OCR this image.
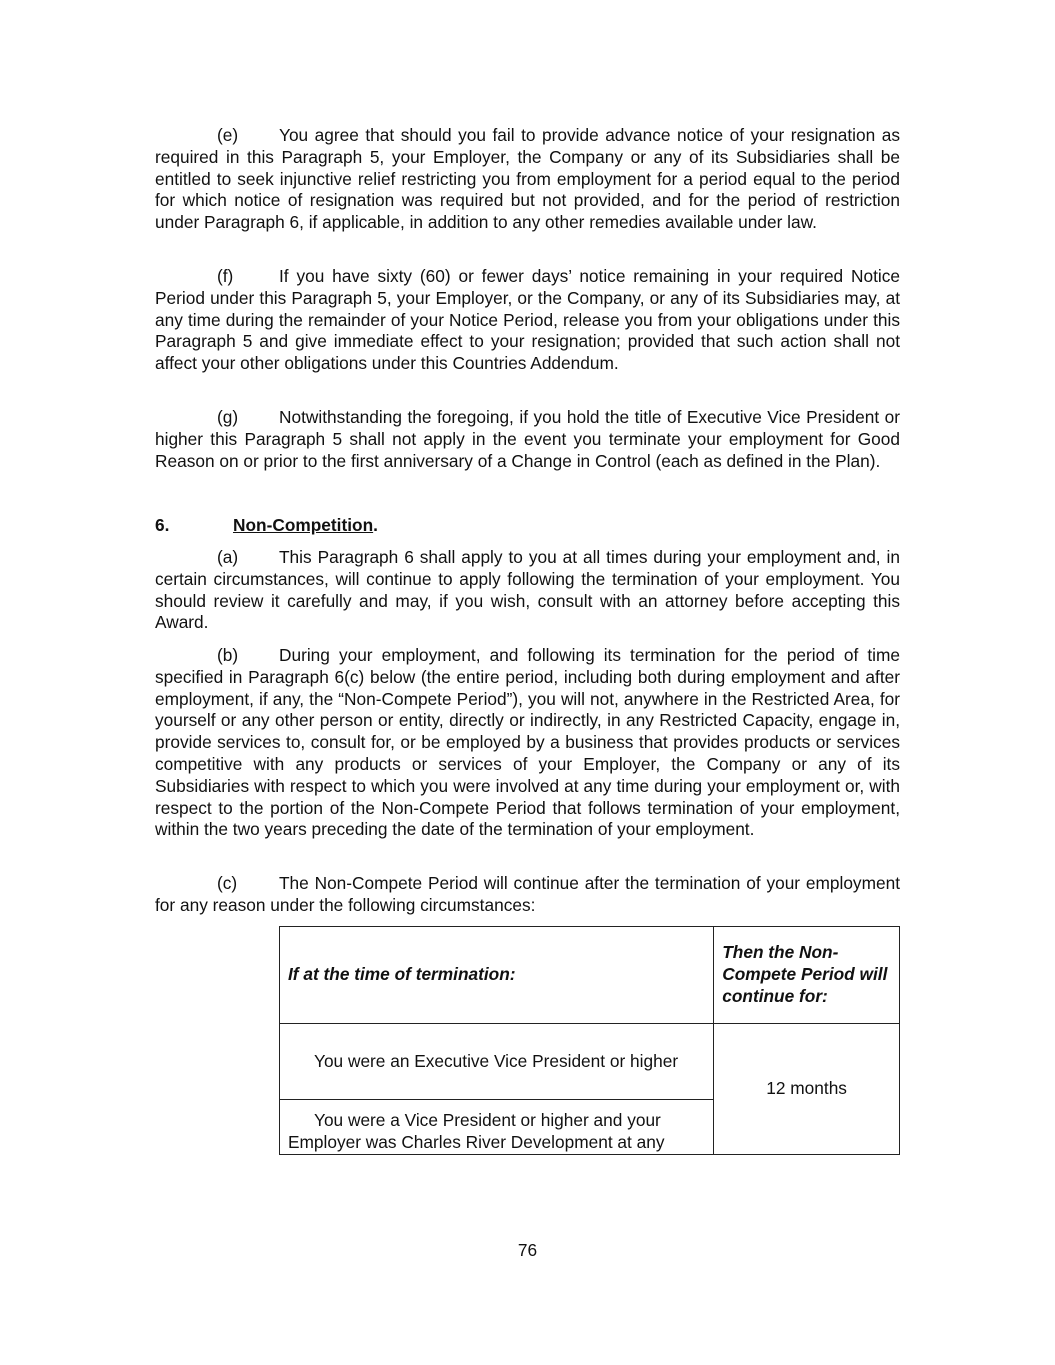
(e) You agree that should you fail to provide advance notice of your resignation as required in this Paragraph 5, your Employer, the Company or any of its Subsidiaries shall be entitled to seek injunctive relief restricting you from employment for a period equal to the period for which notice of resignation was required but not provided, and for the period of restriction under Paragraph 6, if applicable, in addition to any other remedies available under law.

(f)	If you have sixty (60) or fewer days’ notice remaining in your required Notice Period under this Paragraph 5, your Employer, or the Company, or any of its Subsidiaries may, at any time during the remainder of your Notice Period, release you from your obligations under this Paragraph 5 and give immediate effect to your resignation; provided that such action shall not affect your other obligations under this Countries Addendum.

(g) Notwithstanding the foregoing, if you hold the title of Executive Vice President or higher this Paragraph 5 shall not apply in the event you terminate your employment for Good Reason on or prior to the first anniversary of a Change in Control (each as defined in the Plan).

6.	Non-Competition.

(a) This Paragraph 6 shall apply to you at all times during your employment and, in certain circumstances, will continue to apply following the termination of your employment. You should review it carefully and may, if you wish, consult with an attorney before accepting this Award.

(b) During your employment, and following its termination for the period of time specified in Paragraph 6(c) below (the entire period, including both during employment and after employment, if any, the “Non-Compete Period”), you will not, anywhere in the Restricted Area, for yourself or any other person or entity, directly or indirectly, in any Restricted Capacity, engage in, provide services to, consult for, or be employed by a business that provides products or services competitive with any products or services of your Employer, the Company or any of its Subsidiaries with respect to which you were involved at any time during your employment or, with respect to the portion of the Non-Compete Period that follows termination of your employment, within the two years preceding the date of the termination of your employment.

(c) The Non-Compete Period will continue after the termination of your employment for any reason under the following circumstances:

If at the time of termination:	Then the Non-Compete Period will continue for:

You were an Executive Vice President or higher	12 months

You were a Vice President or higher and your Employer was Charles River Development at any	
76
